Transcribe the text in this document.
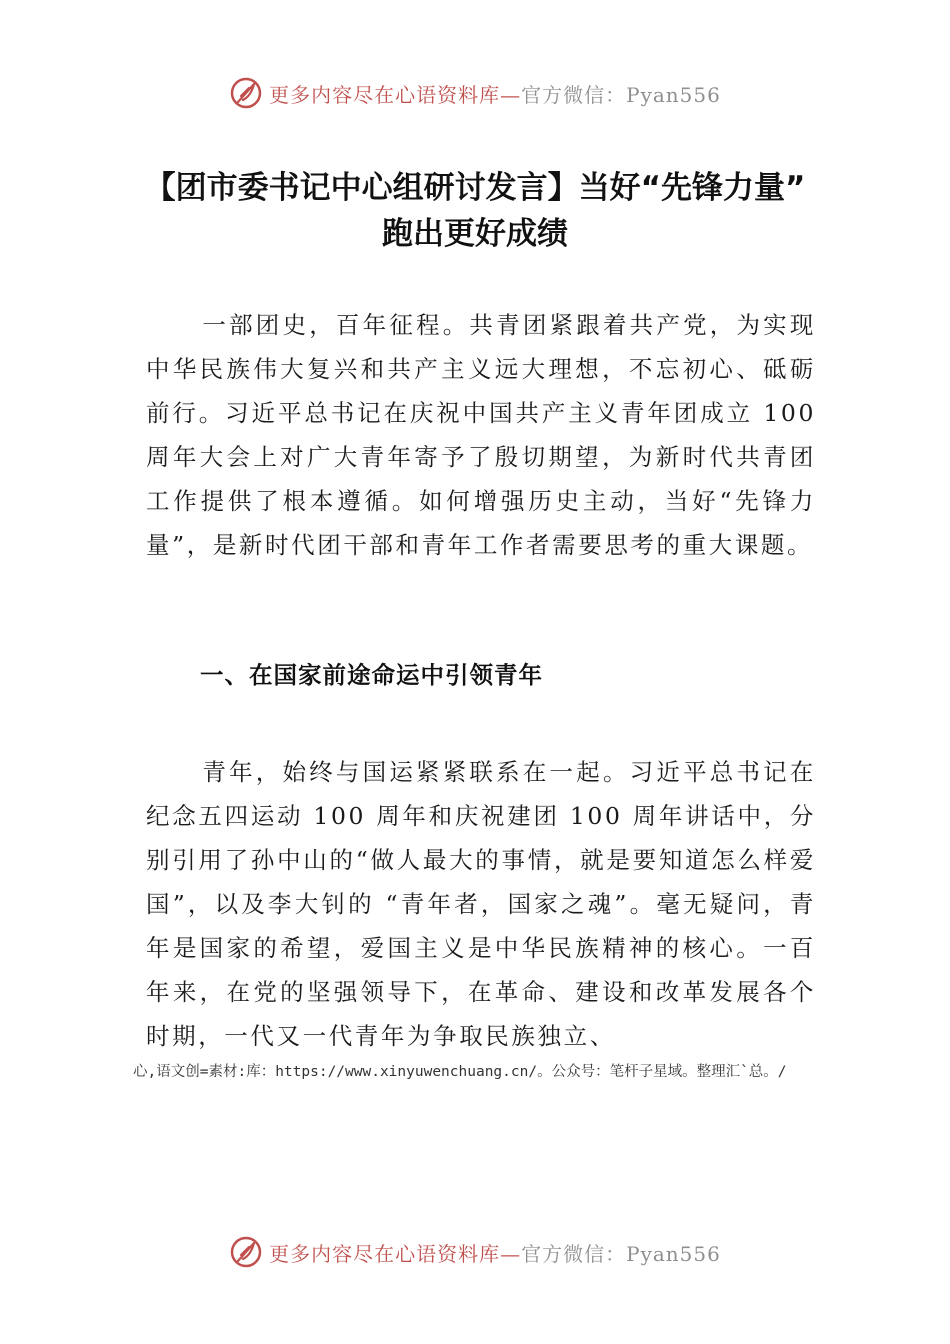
更多内容尽在心语资料库—官方微信：Pyan556
【团市委书记中心组研讨发言】当好“先锋力量” 跑出更好成绩

一部团史，百年征程。共青团紧跟着共产党，为实现中华民族伟大复兴和共产主义远大理想，不忘初心、砥砺前行。习近平总书记在庆祝中国共产主义青年团成立 100 周年大会上对广大青年寄予了殷切期望，为新时代共青团工作提供了根本遵循。如何增强历史主动，当好“先锋力量”，是新时代团干部和青年工作者需要思考的重大课题。

一、在国家前途命运中引领青年

青年，始终与国运紧紧联系在一起。习近平总书记在纪念五四运动 100 周年和庆祝建团 100 周年讲话中，分别引用了孙中山的“做人最大的事情，就是要知道怎么样爱国”，以及李大钊的 “青年者，国家之魂”。毫无疑问，青年是国家的希望，爱国主义是中华民族精神的核心。一百年来，在党的坚强领导下，在革命、建设和改革发展各个时期，一代又一代青年为争取民族独立、

心,语文创=素材:库：https://www.xinyuwenchuang.cn/。公众号：笔杆子星域。整理汇`总。/
更多内容尽在心语资料库—官方微信：Pyan556
